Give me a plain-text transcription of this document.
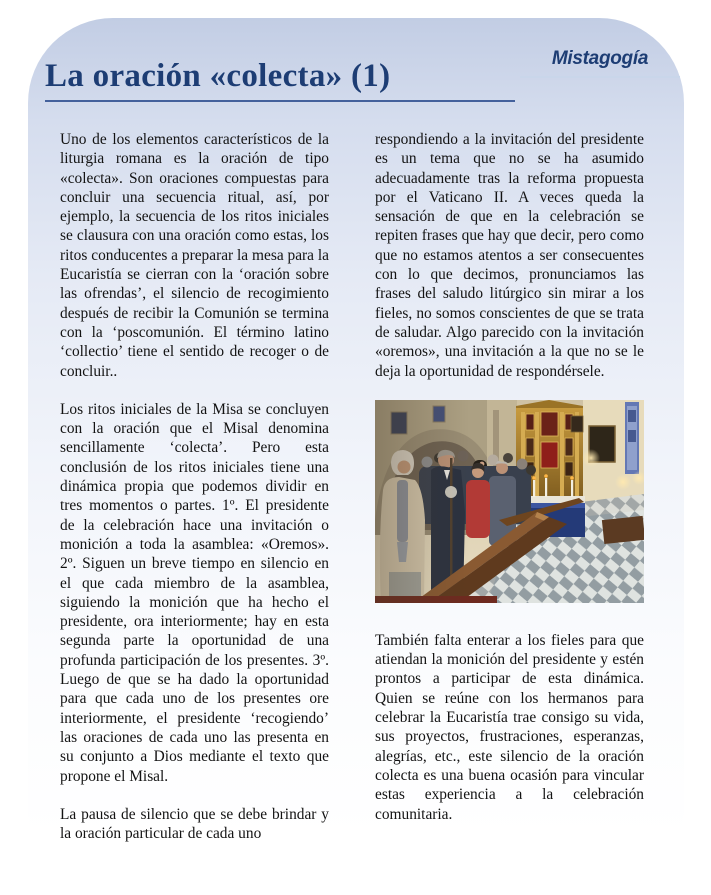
Mistagogía
La oración «colecta» (1)

Uno de los elementos característicos de la liturgia romana es la oración de tipo «colecta». Son oraciones compuestas para concluir una secuencia ritual, así, por ejemplo, la secuencia de los ritos iniciales se clausura con una oración como estas, los ritos conducentes a preparar la mesa para la Eucaristía se cierran con la ‘oración sobre las ofrendas’, el silencio de recogimiento después de recibir la Comunión se termina con la ‘poscomunión. El término latino ‘collectio’ tiene el sentido de recoger o de concluir..

Los ritos iniciales de la Misa se concluyen con la oración que el Misal denomina sencillamente ‘colecta’. Pero esta conclusión de los ritos iniciales tiene una dinámica propia que podemos dividir en tres momentos o partes. 1º. El presidente de la celebración hace una invitación o monición a toda la asamblea: «Oremos». 2º. Siguen un breve tiempo en silencio en el que cada miembro de la asamblea, siguiendo la monición que ha hecho el presidente, ora interiormente; hay en esta segunda parte la oportunidad de una profunda participación de los presentes. 3º. Luego de que se ha dado la oportunidad para que cada uno de los presentes ore interiormente, el presidente ‘recogiendo’ las oraciones de cada uno las presenta en su conjunto a Dios mediante el texto que propone el Misal.

La pausa de silencio que se debe brindar y la oración particular de cada uno

respondiendo a la invitación del presidente es un tema que no se ha asumido adecuadamente tras la reforma propuesta por el Vaticano II. A veces queda la sensación de que en la celebración se repiten frases que hay que decir, pero como que no estamos atentos a ser consecuentes con lo que decimos, pronunciamos las frases del saludo litúrgico sin mirar a los fieles, no somos conscientes de que se trata de saludar. Algo parecido con la invitación «oremos», una invitación a la que no se le deja la oportunidad de respondérsele.

También falta enterar a los fieles para que atiendan la monición del presidente y estén prontos a participar de esta dinámica. Quien se reúne con los hermanos para celebrar la Eucaristía trae consigo su vida, sus proyectos, frustraciones, esperanzas, alegrías, etc., este silencio de la oración colecta es una buena ocasión para vincular estas experiencia a la celebración comunitaria.
